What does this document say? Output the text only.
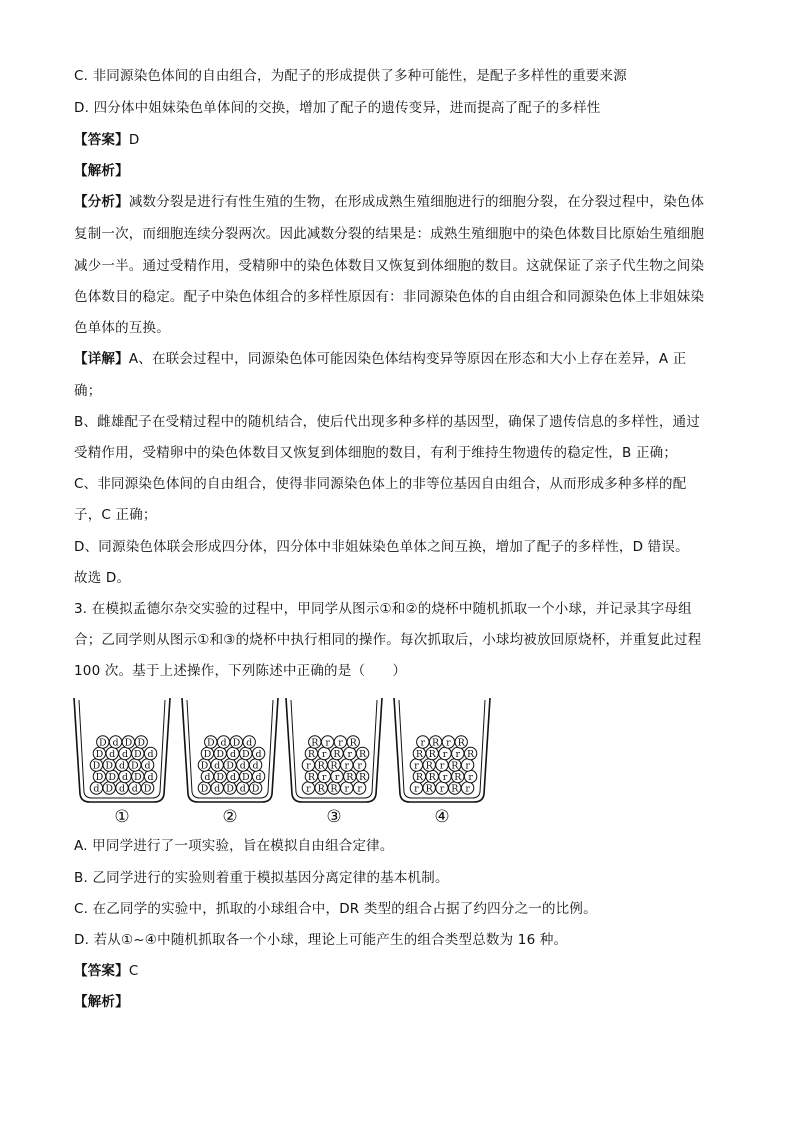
C. 非同源染色体间的自由组合，为配子的形成提供了多种可能性，是配子多样性的重要来源
D. 四分体中姐妹染色单体间的交换，增加了配子的遗传变异，进而提高了配子的多样性
【答案】D
【解析】
【分析】减数分裂是进行有性生殖的生物，在形成成熟生殖细胞进行的细胞分裂，在分裂过程中，染色体
复制一次，而细胞连续分裂两次。因此减数分裂的结果是：成熟生殖细胞中的染色体数目比原始生殖细胞
减少一半。通过受精作用，受精卵中的染色体数目又恢复到体细胞的数目。这就保证了亲子代生物之间染
色体数目的稳定。配子中染色体组合的多样性原因有：非同源染色体的自由组合和同源染色体上非姐妹染
色单体的互换。
【详解】A、在联会过程中，同源染色体可能因染色体结构变异等原因在形态和大小上存在差异，A 正
确；
B、雌雄配子在受精过程中的随机结合，使后代出现多种多样的基因型，确保了遗传信息的多样性，通过
受精作用，受精卵中的染色体数目又恢复到体细胞的数目，有利于维持生物遗传的稳定性，B 正确；
C、非同源染色体间的自由组合，使得非同源染色体上的非等位基因自由组合，从而形成多种多样的配
子，C 正确；
D、同源染色体联会形成四分体，四分体中非姐妹染色单体之间互换，增加了配子的多样性，D 错误。
故选 D。
3. 在模拟孟德尔杂交实验的过程中，甲同学从图示①和②的烧杯中随机抓取一个小球，并记录其字母组
合；乙同学则从图示①和③的烧杯中执行相同的操作。每次抓取后，小球均被放回原烧杯，并重复此过程
100 次。基于上述操作，下列陈述中正确的是（　　）
d D d d D
D D d D d
D D d D d
D d d D d
D d D D
①
D d D d D
d D d D d
D d D d d
D D d D d
D d D d
②
r R R r r
R r r R R
r R R r r
R r R r R
R r r R
③
r R r R r
R R r R r
r R r R r
R R r r R
r R r R
④
A. 甲同学进行了一项实验，旨在模拟自由组合定律。
B. 乙同学进行的实验则着重于模拟基因分离定律的基本机制。
C. 在乙同学的实验中，抓取的小球组合中，DR 类型的组合占据了约四分之一的比例。
D. 若从①~④中随机抓取各一个小球，理论上可能产生的组合类型总数为 16 种。
【答案】C
【解析】
